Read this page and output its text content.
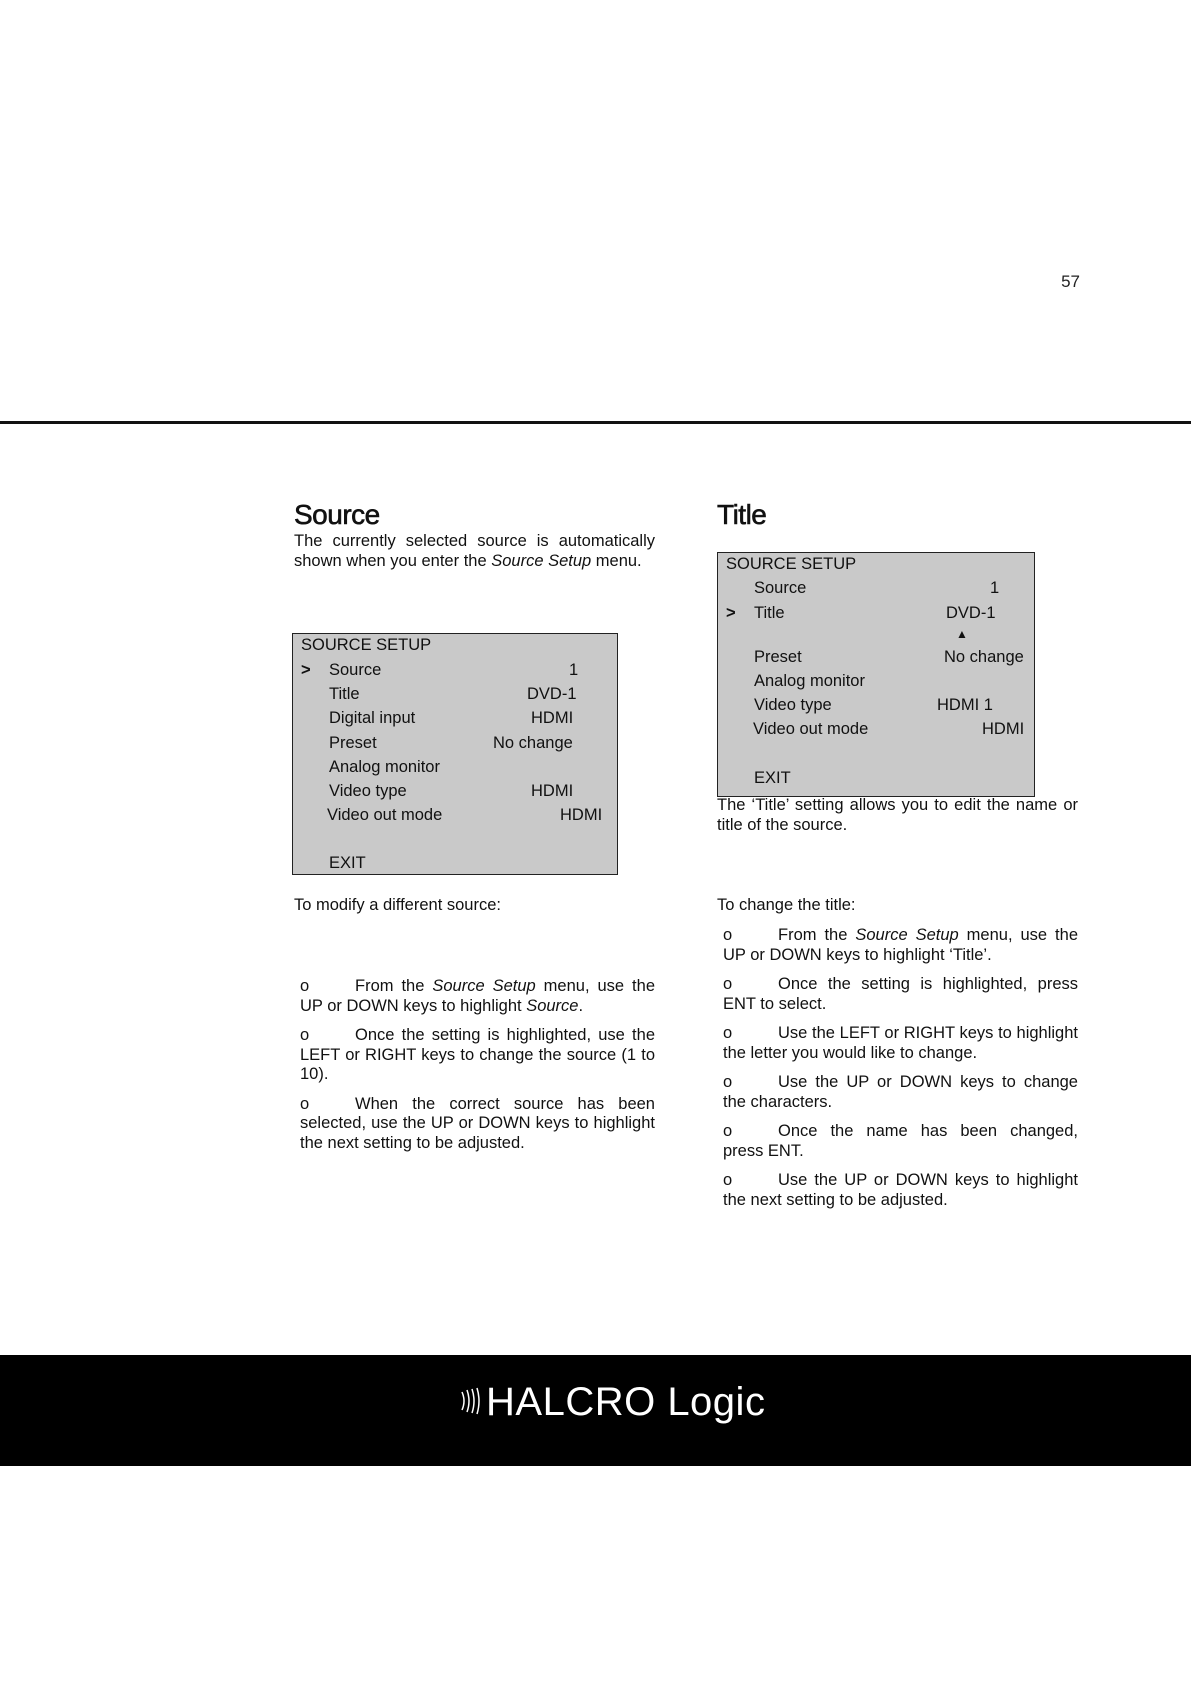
57
Source

The currently selected source is automatically shown when you enter the Source Setup menu.

SOURCE SETUP
> Source	1
Title	DVD-1
Digital input	HDMI
Preset	No change
Analog monitor
Video type	HDMI
Video out mode	HDMI
EXIT

To modify a different source:

o	From the Source Setup menu, use the UP or DOWN keys to highlight Source.

o	Once the setting is highlighted, use the LEFT or RIGHT keys to change the source (1 to 10).

o	When the correct source has been selected, use the UP or DOWN keys to highlight the next setting to be adjusted.

Title
SOURCE SETUP
Source	1
> Title	DVD-1
▲
Preset	No change
Analog monitor
Video type	HDMI 1
Video out mode	HDMI
EXIT

The ‘Title’ setting allows you to edit the name or title of the source.

To change the title:

o	From the Source Setup menu, use the UP or DOWN keys to highlight ‘Title’.

o	Once the setting is highlighted, press ENT to select.

o	Use the LEFT or RIGHT keys to highlight the letter you would like to change.

o	Use the UP or DOWN keys to change the characters.

o	Once the name has been changed, press ENT.

o	Use the UP or DOWN keys to highlight the next setting to be adjusted.

HALCRO Logic
